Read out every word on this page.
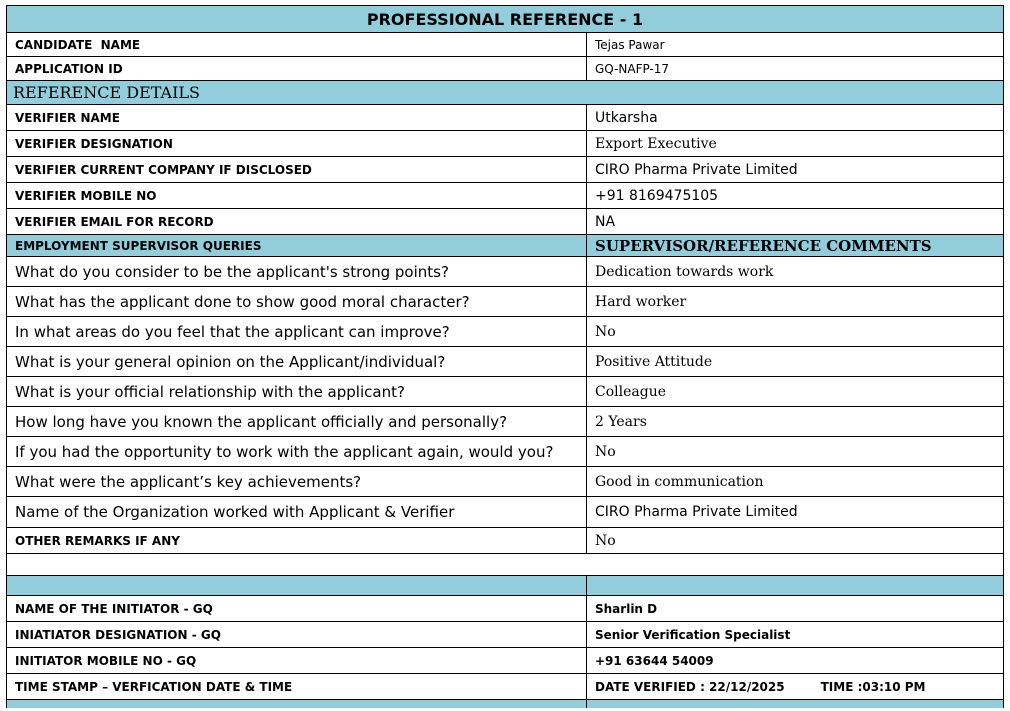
PROFESSIONAL REFERENCE - 1
CANDIDATE  NAME	Tejas Pawar
APPLICATION ID	GQ-NAFP-17
REFERENCE DETAILS
VERIFIER NAME	Utkarsha
VERIFIER DESIGNATION	Export Executive
VERIFIER CURRENT COMPANY IF DISCLOSED	CIRO Pharma Private Limited
VERIFIER MOBILE NO	+91 8169475105
VERIFIER EMAIL FOR RECORD	NA
EMPLOYMENT SUPERVISOR QUERIES	SUPERVISOR/REFERENCE COMMENTS
What do you consider to be the applicant's strong points?	Dedication towards work
What has the applicant done to show good moral character?	Hard worker
In what areas do you feel that the applicant can improve?	No
What is your general opinion on the Applicant/individual?	Positive Attitude
What is your official relationship with the applicant?	Colleague
How long have you known the applicant officially and personally?	2 Years
If you had the opportunity to work with the applicant again, would you?	No
What were the applicant’s key achievements?	Good in communication
Name of the Organization worked with Applicant & Verifier	CIRO Pharma Private Limited
OTHER REMARKS IF ANY	No
NAME OF THE INITIATOR - GQ	Sharlin D
INIATIATOR DESIGNATION - GQ	Senior Verification Specialist
INITIATOR MOBILE NO - GQ	+91 63644 54009
TIME STAMP – VERFICATION DATE & TIME	DATE VERIFIED : 22/12/2025	TIME :03:10 PM
